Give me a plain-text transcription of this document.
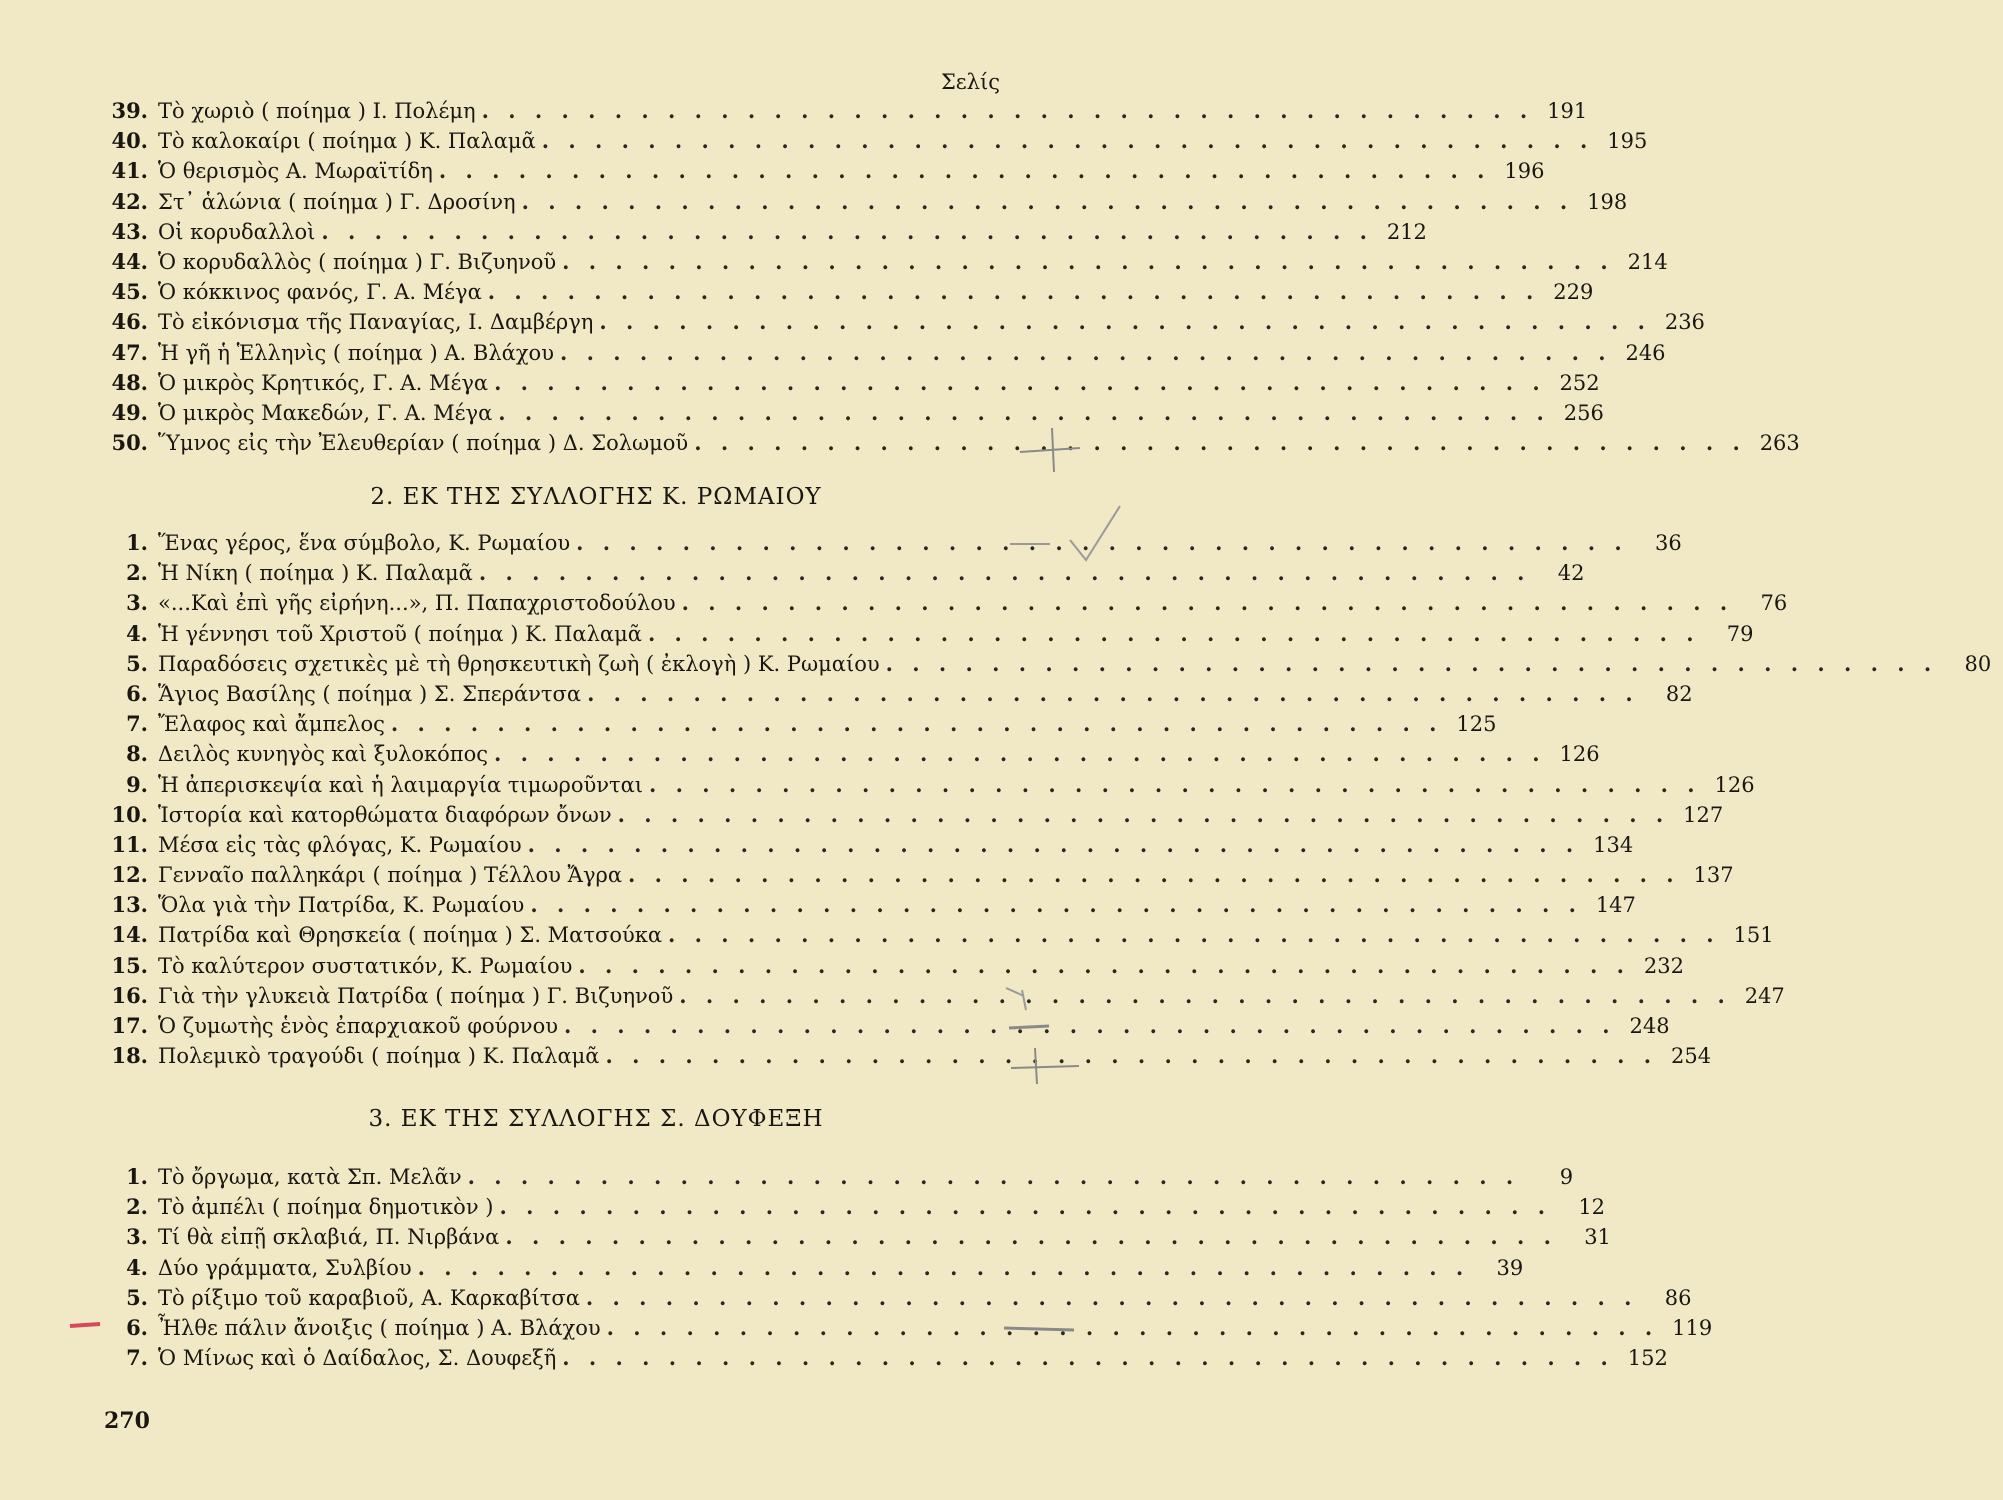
Σελίς
39. Τὸ χωριὸ ( ποίημα ) Ι. Πολέμη . . . . . . . . . . . . . . . . . . . . . . . . . . . . . . . . . . . . . . . . 191
40. Τὸ καλοκαίρι ( ποίημα ) Κ. Παλαμᾶ . . . . . . . . . . . . . . . . . . . . . . . . . . . . . . . . . . . . . . . . 195
41. Ὁ θερισμὸς Α. Μωραϊτίδη . . . . . . . . . . . . . . . . . . . . . . . . . . . . . . . . . . . . . . . . 196
42. Στ᾽ ἁλώνια ( ποίημα ) Γ. Δροσίνη . . . . . . . . . . . . . . . . . . . . . . . . . . . . . . . . . . . . . . . . 198
43. Οἱ κορυδαλλοὶ . . . . . . . . . . . . . . . . . . . . . . . . . . . . . . . . . . . . . . . . 212
44. Ὁ κορυδαλλὸς ( ποίημα ) Γ. Βιζυηνοῦ . . . . . . . . . . . . . . . . . . . . . . . . . . . . . . . . . . . . . . . . 214
45. Ὁ κόκκινος φανός, Γ. Α. Μέγα . . . . . . . . . . . . . . . . . . . . . . . . . . . . . . . . . . . . . . . . 229
46. Τὸ εἰκόνισμα τῆς Παναγίας, Ι. Δαμβέργη . . . . . . . . . . . . . . . . . . . . . . . . . . . . . . . . . . . . . . . . 236
47. Ἡ γῆ ἡ Ἑλληνὶς ( ποίημα ) Α. Βλάχου . . . . . . . . . . . . . . . . . . . . . . . . . . . . . . . . . . . . . . . . 246
48. Ὁ μικρὸς Κρητικός, Γ. Α. Μέγα . . . . . . . . . . . . . . . . . . . . . . . . . . . . . . . . . . . . . . . . 252
49. Ὁ μικρὸς Μακεδών, Γ. Α. Μέγα . . . . . . . . . . . . . . . . . . . . . . . . . . . . . . . . . . . . . . . . 256
50. Ὕμνος εἰς τὴν Ἐλευθερίαν ( ποίημα ) Δ. Σολωμοῦ . . . . . . . . . . . . . . . . . . . . . . . . . . . . . . . . . . . . . . . . 263
2. ΕΚ ΤΗΣ ΣΥΛΛΟΓΗΣ Κ. ΡΩΜΑΙΟΥ
1. Ἕνας γέρος, ἕνα σύμβολο, Κ. Ρωμαίου . . . . . . . . . . . . . . . . . . . . . . . . . . . . . . . . . . . . . . . .	36
2. Ἡ Νίκη ( ποίημα ) Κ. Παλαμᾶ . . . . . . . . . . . . . . . . . . . . . . . . . . . . . . . . . . . . . . . .	42
3. «...Καὶ ἐπὶ γῆς εἰρήνη...», Π. Παπαχριστοδούλου . . . . . . . . . . . . . . . . . . . . . . . . . . . . . . . . . . . . . . . .	76
4. Ἡ γέννησι τοῦ Χριστοῦ ( ποίημα ) Κ. Παλαμᾶ . . . . . . . . . . . . . . . . . . . . . . . . . . . . . . . . . . . . . . . .	79
5. Παραδόσεις σχετικὲς μὲ τὴ θρησκευτικὴ ζωὴ ( ἐκλογὴ ) Κ. Ρωμαίου . . . . . . . . . . . . . . . . . . . . . . . . . . . . . . . . . . . . . . . .	80
6. Ἅγιος Βασίλης ( ποίημα ) Σ. Σπεράντσα . . . . . . . . . . . . . . . . . . . . . . . . . . . . . . . . . . . . . . . .	82
7. Ἔλαφος καὶ ἄμπελος . . . . . . . . . . . . . . . . . . . . . . . . . . . . . . . . . . . . . . . . 125
8. Δειλὸς κυνηγὸς καὶ ξυλοκόπος . . . . . . . . . . . . . . . . . . . . . . . . . . . . . . . . . . . . . . . . 126
9. Ἡ ἀπερισκεψία καὶ ἡ λαιμαργία τιμωροῦνται . . . . . . . . . . . . . . . . . . . . . . . . . . . . . . . . . . . . . . . . 126
10. Ἱστορία καὶ κατορθώματα διαφόρων ὄνων . . . . . . . . . . . . . . . . . . . . . . . . . . . . . . . . . . . . . . . . 127
11. Μέσα εἰς τὰς φλόγας, Κ. Ρωμαίου . . . . . . . . . . . . . . . . . . . . . . . . . . . . . . . . . . . . . . . . 134
12. Γενναῖο παλληκάρι ( ποίημα ) Τέλλου Ἄγρα . . . . . . . . . . . . . . . . . . . . . . . . . . . . . . . . . . . . . . . . 137
13. Ὅλα γιὰ τὴν Πατρίδα, Κ. Ρωμαίου . . . . . . . . . . . . . . . . . . . . . . . . . . . . . . . . . . . . . . . . 147
14. Πατρίδα καὶ Θρησκεία ( ποίημα ) Σ. Ματσούκα . . . . . . . . . . . . . . . . . . . . . . . . . . . . . . . . . . . . . . . . 151
15. Τὸ καλύτερον συστατικόν, Κ. Ρωμαίου . . . . . . . . . . . . . . . . . . . . . . . . . . . . . . . . . . . . . . . . 232
16. Γιὰ τὴν γλυκειὰ Πατρίδα ( ποίημα ) Γ. Βιζυηνοῦ . . . . . . . . . . . . . . . . . . . . . . . . . . . . . . . . . . . . . . . . 247
17. Ὁ ζυμωτὴς ἑνὸς ἐπαρχιακοῦ φούρνου . . . . . . . . . . . . . . . . . . . . . . . . . . . . . . . . . . . . . . . . 248
18. Πολεμικὸ τραγούδι ( ποίημα ) Κ. Παλαμᾶ . . . . . . . . . . . . . . . . . . . . . . . . . . . . . . . . . . . . . . . . 254
3. ΕΚ ΤΗΣ ΣΥΛΛΟΓΗΣ Σ. ΔΟΥΦΕΞΗ
1. Τὸ ὄργωμα, κατὰ Σπ. Μελᾶν . . . . . . . . . . . . . . . . . . . . . . . . . . . . . . . . . . . . . . . .	9
2. Τὸ ἀμπέλι ( ποίημα δημοτικὸν ) . . . . . . . . . . . . . . . . . . . . . . . . . . . . . . . . . . . . . . . .	12
3. Τί θὰ εἰπῇ σκλαβιά, Π. Νιρβάνα . . . . . . . . . . . . . . . . . . . . . . . . . . . . . . . . . . . . . . . .	31
4. Δύο γράμματα, Συλβίου . . . . . . . . . . . . . . . . . . . . . . . . . . . . . . . . . . . . . . . .	39
5. Τὸ ρίξιμο τοῦ καραβιοῦ, Α. Καρκαβίτσα . . . . . . . . . . . . . . . . . . . . . . . . . . . . . . . . . . . . . . . .	86
6. Ἦλθε πάλιν ἄνοιξις ( ποίημα ) Α. Βλάχου . . . . . . . . . . . . . . . . . . . . . . . . . . . . . . . . . . . . . . . . 119
7. Ὁ Μίνως καὶ ὁ Δαίδαλος, Σ. Δουφεξῆ . . . . . . . . . . . . . . . . . . . . . . . . . . . . . . . . . . . . . . . . 152
270
